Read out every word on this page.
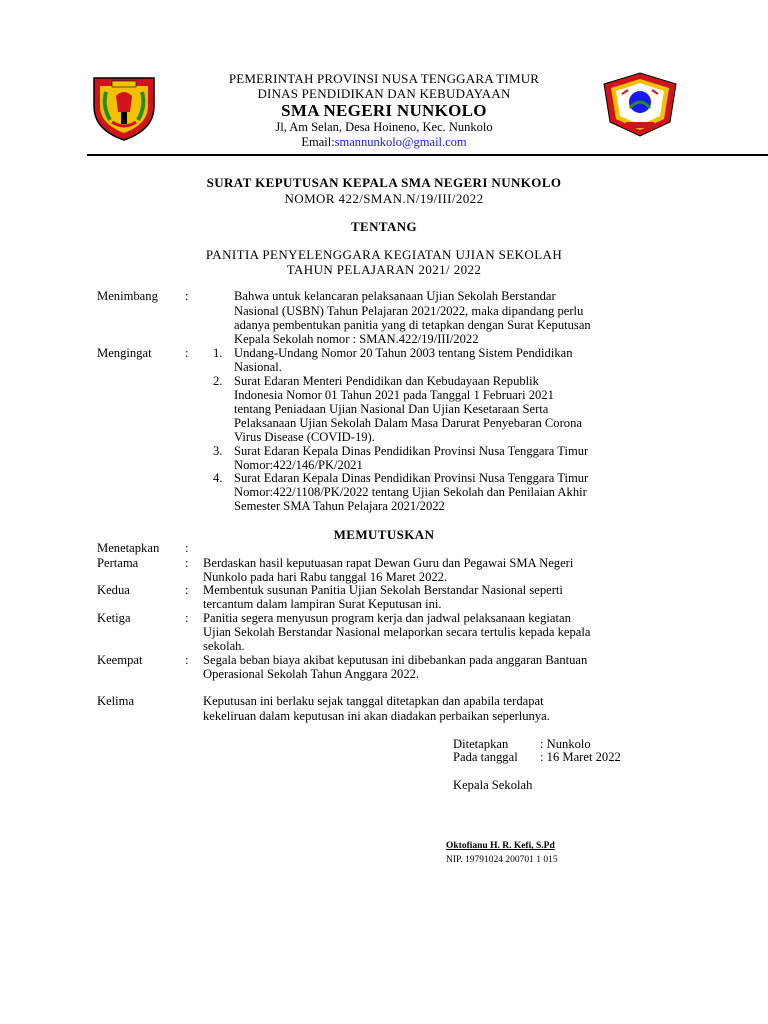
PEMERINTAH PROVINSI NUSA TENGGARA TIMUR
DINAS PENDIDIKAN DAN KEBUDAYAAN
SMA NEGERI NUNKOLO
Jl, Am Selan, Desa Hoineno, Kec. Nunkolo
Email:smannunkolo@gmail.com
SURAT KEPUTUSAN KEPALA SMA NEGERI NUNKOLO
NOMOR 422/SMAN.N/19/III/2022
TENTANG
PANITIA PENYELENGGARA KEGIATAN UJIAN SEKOLAH
TAHUN PELAJARAN 2021/ 2022
Menimbang :	Bahwa untuk kelancaran pelaksanaan Ujian Sekolah Berstandar
Nasional (USBN) Tahun Pelajaran 2021/2022, maka dipandang perlu
adanya pembentukan panitia yang di tetapkan dengan Surat Keputusan
Kepala Sekolah nomor : SMAN.422/19/III/2022
Mengingat	: 1. Undang-Undang Nomor 20 Tahun 2003 tentang Sistem Pendidikan
Nasional.
2. Surat Edaran Menteri Pendidikan dan Kebudayaan Republik
Indonesia Nomor 01 Tahun 2021 pada Tanggal 1 Februari 2021
tentang Peniadaan Ujian Nasional Dan Ujian Kesetaraan Serta
Pelaksanaan Ujian Sekolah Dalam Masa Darurat Penyebaran Corona
Virus Disease (COVID-19).
3. Surat Edaran Kepala Dinas Pendidikan Provinsi Nusa Tenggara Timur
Nomor:422/146/PK/2021
4. Surat Edaran Kepala Dinas Pendidikan Provinsi Nusa Tenggara Timur
Nomor:422/1108/PK/2022 tentang Ujian Sekolah dan Penilaian Akhir
Semester SMA Tahun Pelajara 2021/2022
MEMUTUSKAN
Menetapkan :
Pertama	: Berdaskan hasil keputuasan rapat Dewan Guru dan Pegawai SMA Negeri
Nunkolo pada hari Rabu tanggal 16 Maret 2022.
Kedua	: Membentuk susunan Panitia Ujian Sekolah Berstandar Nasional seperti
tercantum dalam lampiran Surat Keputusan ini.
Ketiga	: Panitia segera menyusun program kerja dan jadwal pelaksanaan kegiatan
Ujian Sekolah Berstandar Nasional melaporkan secara tertulis kepada kepala
sekolah.
Keempat	: Segala beban biaya akibat keputusan ini dibebankan pada anggaran Bantuan
Operasional Sekolah Tahun Anggara 2022.
Kelima	Keputusan ini berlaku sejak tanggal ditetapkan dan apabila terdapat
kekeliruan dalam keputusan ini akan diadakan perbaikan seperlunya.
Ditetapkan	: Nunkolo
Pada tanggal : 16 Maret 2022
Kepala Sekolah
Oktofianu H. R. Kefi, S.Pd
NIP. 19791024 200701 1 015
